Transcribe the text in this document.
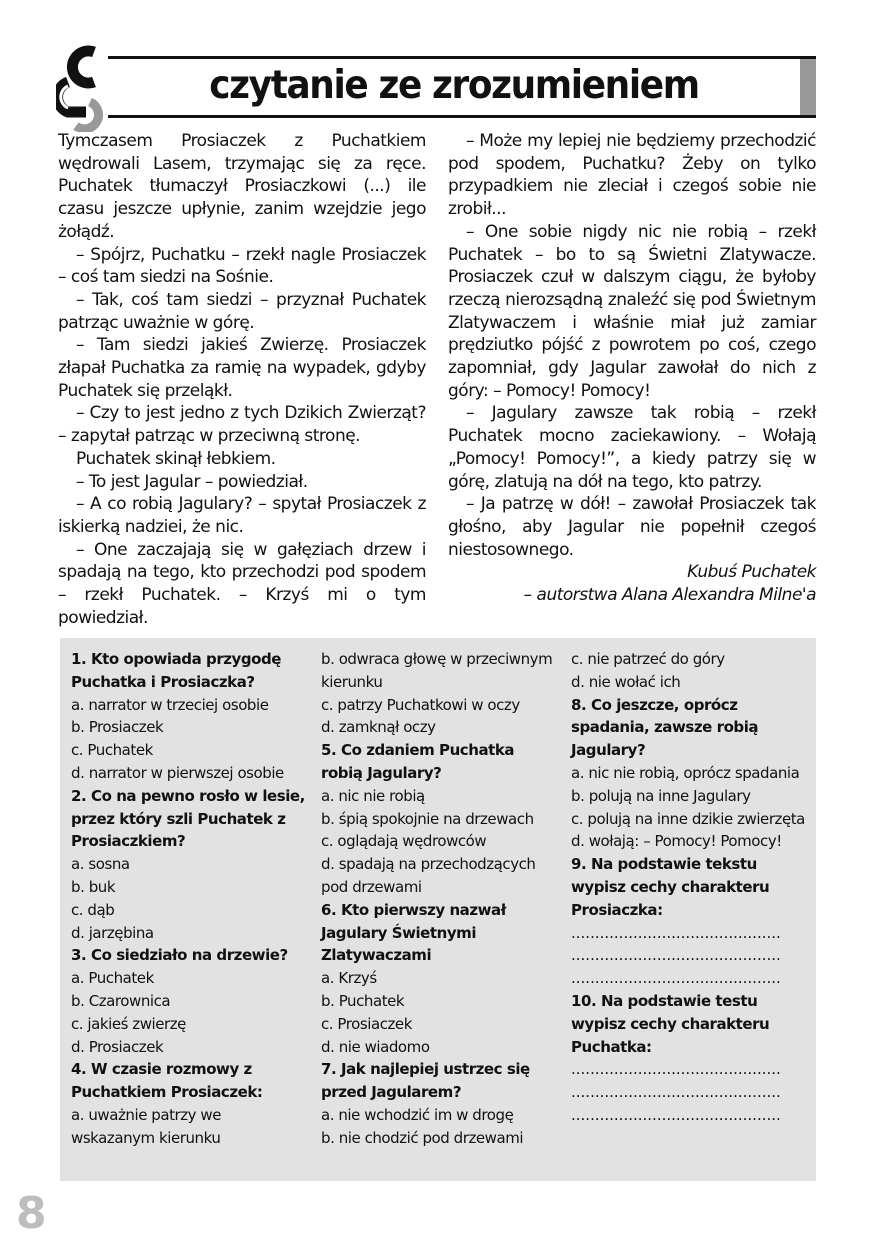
czytanie ze zrozumieniem

Tymczasem Prosiaczek z Puchatkiem wędrowali Lasem, trzymając się za ręce. Puchatek tłumaczył Prosiaczkowi (...) ile czasu jeszcze upłynie, zanim wzejdzie jego żołądź.

– Spójrz, Puchatku – rzekł nagle Prosiaczek – coś tam siedzi na Sośnie.

– Tak, coś tam siedzi – przyznał Puchatek patrząc uważnie w górę.

– Tam siedzi jakieś Zwierzę. Prosiaczek złapał Puchatka za ramię na wypadek, gdyby Puchatek się przeląkł.

– Czy to jest jedno z tych Dzikich Zwierząt? – zapytał patrząc w przeciwną stronę.

Puchatek skinął łebkiem.

– To jest Jagular – powiedział.

– A co robią Jagulary? – spytał Prosiaczek z iskierką nadziei, że nic.

– One zaczajają się w gałęziach drzew i spadają na tego, kto przechodzi pod spodem – rzekł Puchatek. – Krzyś mi o tym powiedział.

– Może my lepiej nie będziemy przechodzić pod spodem, Puchatku? Żeby on tylko przypadkiem nie zleciał i czegoś sobie nie zrobił...

– One sobie nigdy nic nie robią – rzekł Puchatek – bo to są Świetni Zlatywacze. Prosiaczek czuł w dalszym ciągu, że byłoby rzeczą nierozsądną znaleźć się pod Świetnym Zlatywaczem i właśnie miał już zamiar prędziutko pójść z powrotem po coś, czego zapomniał, gdy Jagular zawołał do nich z góry: – Pomocy! Pomocy!

– Jagulary zawsze tak robią – rzekł Puchatek mocno zaciekawiony. – Wołają „Pomocy! Pomocy!”, a kiedy patrzy się w górę, zlatują na dół na tego, kto patrzy.

– Ja patrzę w dół! – zawołał Prosiaczek tak głośno, aby Jagular nie popełnił czegoś niestosownego.

Kubuś Puchatek

– autorstwa Alana Alexandra Milne'a

1. Kto opowiada przygodę Puchatka i Prosiaczka?
a. narrator w trzeciej osobie
b. Prosiaczek
c. Puchatek
d. narrator w pierwszej osobie
2. Co na pewno rosło w lesie, przez który szli Puchatek z Prosiaczkiem?
a. sosna
b. buk
c. dąb
d. jarzębina
3. Co siedziało na drzewie?
a. Puchatek
b. Czarownica
c. jakieś zwierzę
d. Prosiaczek
4. W czasie rozmowy z Puchatkiem Prosiaczek:
a. uważnie patrzy we wskazanym kierunku
b. odwraca głowę w przeciwnym kierunku
c. patrzy Puchatkowi w oczy
d. zamknął oczy
5. Co zdaniem Puchatka robią Jagulary?
a. nic nie robią
b. śpią spokojnie na drzewach
c. oglądają wędrowców
d. spadają na przechodzących pod drzewami
6. Kto pierwszy nazwał Jagulary Świetnymi Zlatywaczami
a. Krzyś
b. Puchatek
c. Prosiaczek
d. nie wiadomo
7. Jak najlepiej ustrzec się przed Jagularem?
a. nie wchodzić im w drogę
b. nie chodzić pod drzewami
c. nie patrzeć do góry
d. nie wołać ich
8. Co jeszcze, oprócz spadania, zawsze robią Jagulary?
a. nic nie robią, oprócz spadania
b. polują na inne Jagulary
c. polują na inne dzikie zwierzęta
d. wołają: – Pomocy! Pomocy!
9. Na podstawie tekstu wypisz cechy charakteru Prosiaczka:
............................................
............................................
............................................
10. Na podstawie testu wypisz cechy charakteru Puchatka:
............................................
............................................
............................................
8
